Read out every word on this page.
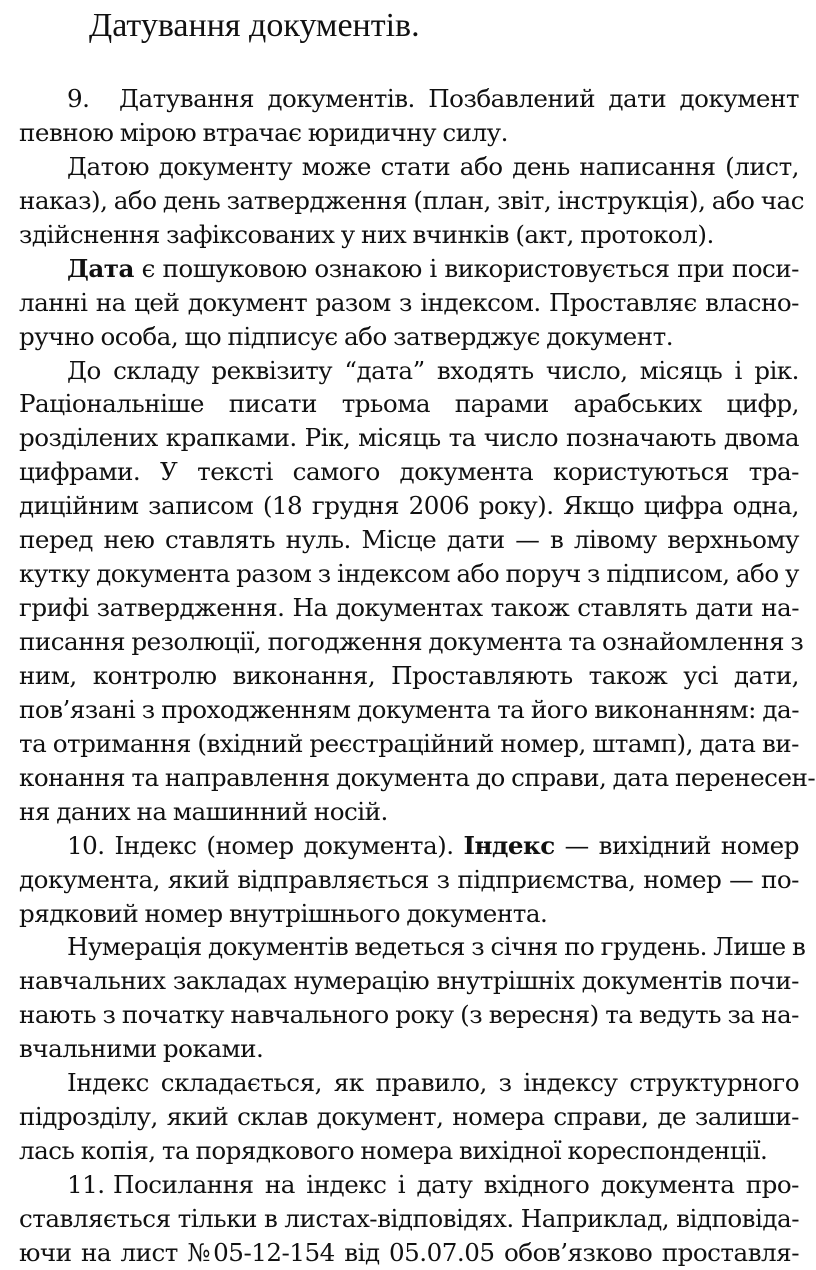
Датування документів.
9. Датування документів. Позбавлений дати документ
певною мірою втрачає юридичну силу.
Датою документу може стати або день написання (лист,
наказ), або день затвердження (план, звіт, інструкція), або час
здійснення зафіксованих у них вчинків (акт, протокол).
Дата є пошуковою ознакою і використовується при поси-
ланні на цей документ разом з індексом. Проставляє власно-
ручно особа, що підписує або затверджує документ.
До складу реквізиту “дата” входять число, місяць і рік.
Раціональніше писати трьома парами арабських цифр,
розділених крапками. Рік, місяць та число позначають двома
цифрами. У тексті самого документа користуються тра-
диційним записом (18 грудня 2006 року). Якщо цифра одна,
перед нею ставлять нуль. Місце дати — в лівому верхньому
кутку документа разом з індексом або поруч з підписом, або у
грифі затвердження. На документах також ставлять дати на-
писання резолюції, погодження документа та ознайомлення з
ним, контролю виконання, Проставляють також усі дати,
пов’язані з проходженням документа та його виконанням: да-
та отримання (вхідний реєстраційний номер, штамп), дата ви-
конання та направлення документа до справи, дата перенесен-
ня даних на машинний носій.
10. Індекс (номер документа). Індекс — вихідний номер
документа, який відправляється з підприємства, номер — по-
рядковий номер внутрішнього документа.
Нумерація документів ведеться з січня по грудень. Лише в
навчальних закладах нумерацію внутрішніх документів почи-
нають з початку навчального року (з вересня) та ведуть за на-
вчальними роками.
Індекс складається, як правило, з індексу структурного
підрозділу, який склав документ, номера справи, де залиши-
лась копія, та порядкового номера вихідної кореспонденції.
11. Посилання на індекс і дату вхідного документа про-
ставляється тільки в листах-відповідях. Наприклад, відповіда-
ючи на лист №05-12-154 від 05.07.05 обов’язково проставля-
